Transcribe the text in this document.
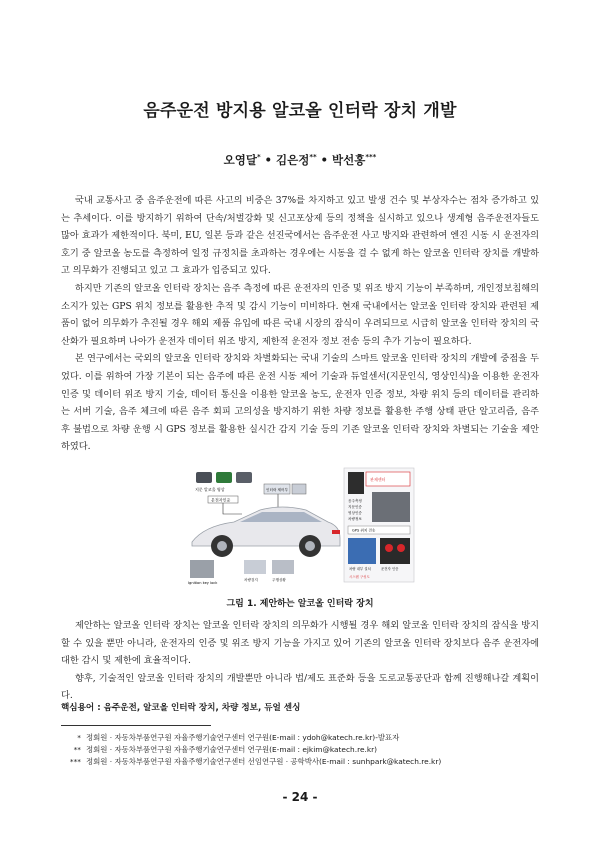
음주운전 방지용 알코올 인터락 장치 개발
오영달* • 김은정** • 박선홍***

국내 교통사고 중 음주운전에 따른 사고의 비중은 37%를 차지하고 있고 발생 건수 및 부상자수는 점차 증가하고 있는 추세이다. 이를 방지하기 위하여 단속/처벌강화 및 신고포상제 등의 정책을 실시하고 있으나 생계형 음주운전자들도 많아 효과가 제한적이다. 북미, EU, 일본 등과 같은 선진국에서는 음주운전 사고 방지와 관련하여 엔진 시동 시 운전자의 호기 중 알코올 농도를 측정하여 일정 규정치를 초과하는 경우에는 시동을 걸 수 없게 하는 알코올 인터락 장치를 개발하고 의무화가 진행되고 있고 그 효과가 입증되고 있다.

하지만 기존의 알코올 인터락 장치는 음주 측정에 따른 운전자의 인증 및 위조 방지 기능이 부족하며, 개인정보침해의 소지가 있는 GPS 위치 정보를 활용한 추적 및 감시 기능이 미비하다. 현재 국내에서는 알코올 인터락 장치와 관련된 제품이 없어 의무화가 추진될 경우 해외 제품 유입에 따른 국내 시장의 잠식이 우려되므로 시급히 알코올 인터락 장치의 국산화가 필요하며 나아가 운전자 데이터 위조 방지, 제한적 운전자 정보 전송 등의 추가 기능이 필요하다.

본 연구에서는 국외의 알코올 인터락 장치와 차별화되는 국내 기술의 스마트 알코올 인터락 장치의 개발에 중점을 두었다. 이를 위하여 가장 기본이 되는 음주에 따른 운전 시동 제어 기술과 듀얼센서(지문인식, 영상인식)을 이용한 운전자 인증 및 데이터 위조 방지 기술, 데이터 통신을 이용한 알코올 농도, 운전자 인증 정보, 차량 위치 등의 데이터를 관리하는 서버 기술, 음주 체크에 따른 음주 회피 고의성을 방지하기 위한 차량 정보를 활용한 주행 상태 판단 알고리즘, 음주 후 불법으로 차량 운행 시 GPS 정보를 활용한 실시간 감지 기술 등의 기존 알코올 인터락 장치와 차별되는 기술을 제안하였다.

지문 알코올 영상
운전자인증
인터락 제어부
Ignition key lock
차량검지	주행상황
관제센터
음주측정
지문인증
영상인증
차량정보
GPS 위치 전송
차량 내부 설치	운전자 인증
시스템 구성도
그림 1. 제안하는 알코올 인터락 장치

제안하는 알코올 인터락 장치는 알코올 인터락 장치의 의무화가 시행될 경우 해외 알코올 인터락 장치의 잠식을 방지할 수 있을 뿐만 아니라, 운전자의 인증 및 위조 방지 기능을 가지고 있어 기존의 알코올 인터락 장치보다 음주 운전자에 대한 감시 및 제한에 효율적이다.

향후, 기술적인 알코올 인터락 장치의 개발뿐만 아니라 법/제도 표준화 등을 도로교통공단과 함께 진행해나갈 계획이다.

핵심용어 : 음주운전, 알코올 인터락 장치, 차량 정보, 듀얼 센싱
* 정회원 · 자동차부품연구원 자율주행기술연구센터 연구원(E-mail : ydoh@katech.re.kr)-발표자
** 정회원 · 자동차부품연구원 자율주행기술연구센터 연구원(E-mail : ejkim@katech.re.kr)
*** 정회원 · 자동차부품연구원 자율주행기술연구센터 선임연구원 · 공학박사(E-mail : sunhpark@katech.re.kr)
- 24 -
